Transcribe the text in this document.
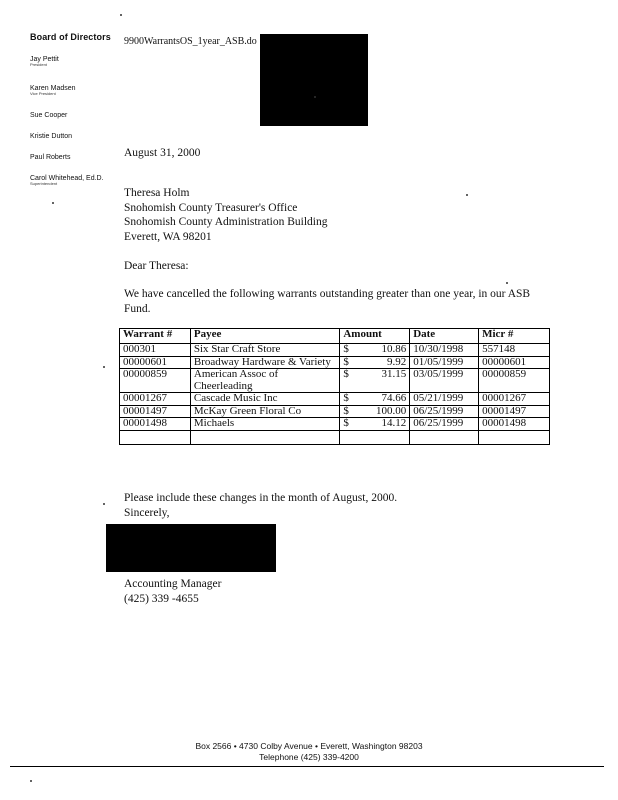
Board of Directors
Jay Pettit
President
Karen Madsen
Vice President
Sue Cooper
Kristie Dutton
Paul Roberts
Carol Whitehead, Ed.D.
Superintendent
9900WarrantsOS_1year_ASB.do
August 31, 2000
Theresa Holm
Snohomish County Treasurer's Office
Snohomish County Administration Building
Everett, WA 98201
Dear Theresa:
We have cancelled the following warrants outstanding greater than one year, in our ASB Fund.
Warrant #	Payee	Amount	Date	Micr #
000301	Six Star Craft Store	$ 10.86	10/30/1998	557148
00000601	Broadway Hardware & Variety	$ 9.92	01/05/1999	00000601
00000859	American Assoc of Cheerleading	$ 31.15	03/05/1999	00000859
00001267	Cascade Music Inc	$ 74.66	05/21/1999	00001267
00001497	McKay Green Floral Co	$ 100.00	06/25/1999	00001497
00001498	Michaels	$ 14.12	06/25/1999	00001498

Please include these changes in the month of August, 2000.
Sincerely,
Accounting Manager
(425) 339 -4655
Box 2566 • 4730 Colby Avenue • Everett, Washington 98203
Telephone (425) 339-4200
